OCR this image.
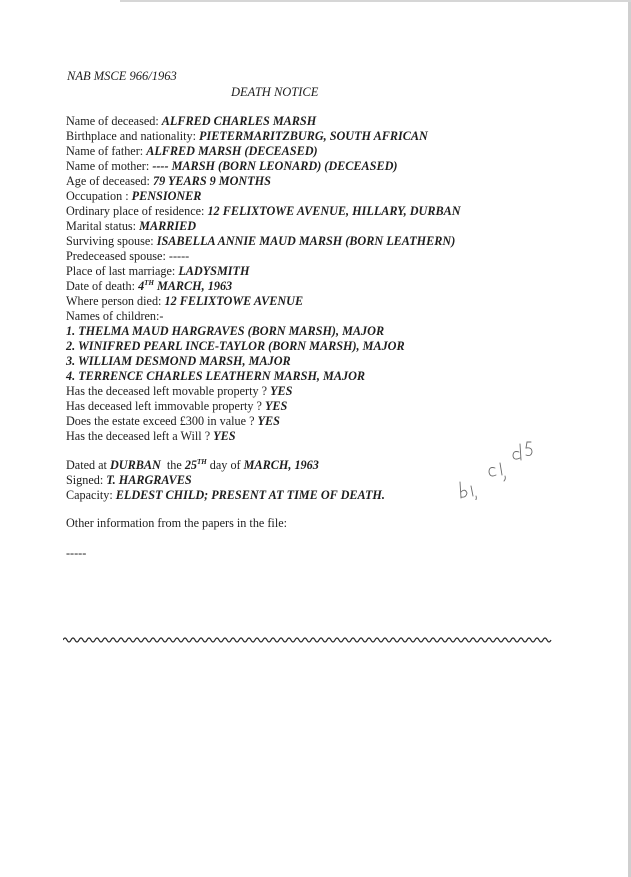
NAB MSCE 966/1963
DEATH NOTICE
Name of deceased: ALFRED CHARLES MARSH
Birthplace and nationality: PIETERMARITZBURG, SOUTH AFRICAN
Name of father: ALFRED MARSH (DECEASED)
Name of mother: ---- MARSH (BORN LEONARD) (DECEASED)
Age of deceased: 79 YEARS 9 MONTHS
Occupation : PENSIONER
Ordinary place of residence: 12 FELIXTOWE AVENUE, HILLARY, DURBAN
Marital status: MARRIED
Surviving spouse: ISABELLA ANNIE MAUD MARSH (BORN LEATHERN)
Predeceased spouse: -----
Place of last marriage: LADYSMITH
Date of death: 4TH MARCH, 1963
Where person died: 12 FELIXTOWE AVENUE
Names of children:-
1. THELMA MAUD HARGRAVES (BORN MARSH), MAJOR
2. WINIFRED PEARL INCE-TAYLOR (BORN MARSH), MAJOR
3. WILLIAM DESMOND MARSH, MAJOR
4. TERRENCE CHARLES LEATHERN MARSH, MAJOR
Has the deceased left movable property ? YES
Has deceased left immovable property ? YES
Does the estate exceed £300 in value ? YES
Has the deceased left a Will ? YES
Dated at DURBAN  the 25TH day of MARCH, 1963
Signed: T. HARGRAVES
Capacity: ELDEST CHILD; PRESENT AT TIME OF DEATH.
Other information from the papers in the file:
-----
